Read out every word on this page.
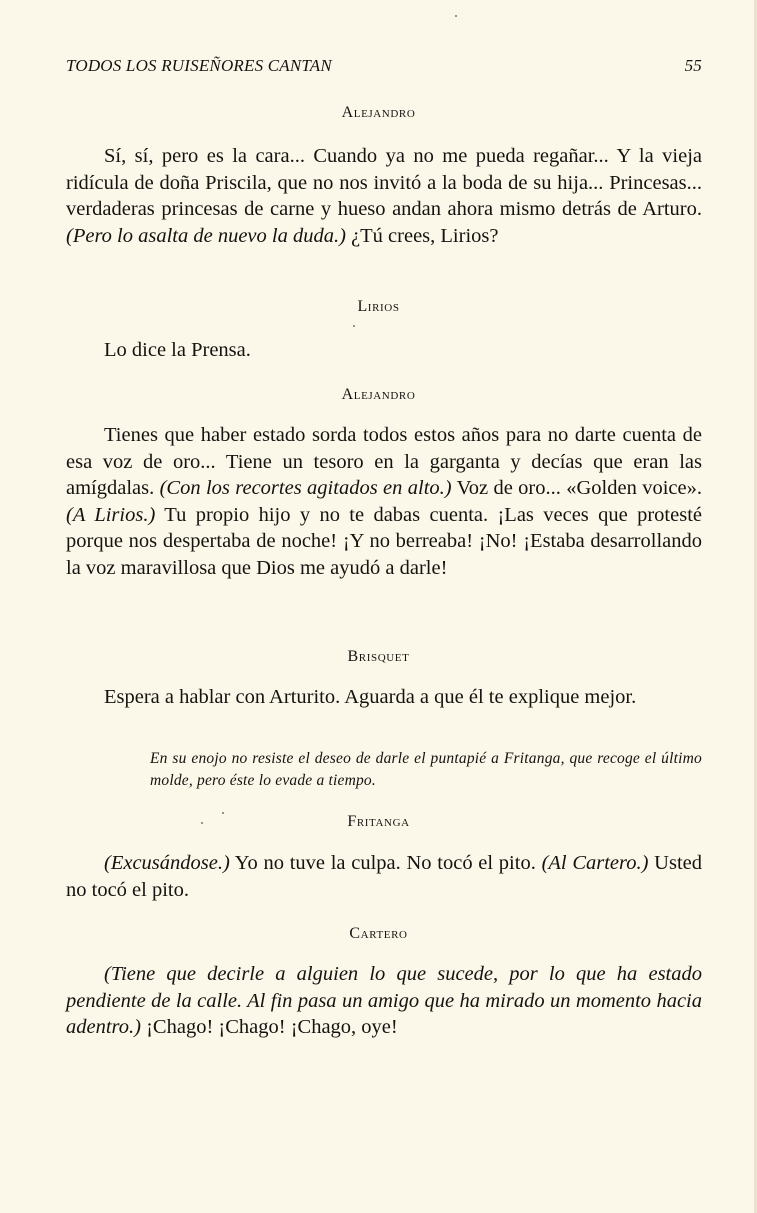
TODOS LOS RUISEÑORES CANTAN	55
Alejandro
Sí, sí, pero es la cara... Cuando ya no me pueda regañar... Y la vieja ridícula de doña Priscila, que no nos invitó a la boda de su hija... Princesas... verdaderas princesas de carne y hueso andan ahora mismo detrás de Arturo. (Pero lo asalta de nuevo la duda.) ¿Tú crees, Lirios?
Lirios
Lo dice la Prensa.
Alejandro
Tienes que haber estado sorda todos estos años para no darte cuenta de esa voz de oro... Tiene un tesoro en la garganta y decías que eran las amígdalas. (Con los recortes agitados en alto.) Voz de oro... «Golden voice». (A Lirios.) Tu propio hijo y no te dabas cuenta. ¡Las veces que protesté porque nos despertaba de noche! ¡Y no berreaba! ¡No! ¡Estaba desarrollando la voz maravillosa que Dios me ayudó a darle!
Brisquet
Espera a hablar con Arturito. Aguarda a que él te explique mejor.
En su enojo no resiste el deseo de darle el puntapié a Fritanga, que recoge el último molde, pero éste lo evade a tiempo.
Fritanga
(Excusándose.) Yo no tuve la culpa. No tocó el pito. (Al Cartero.) Usted no tocó el pito.
Cartero
(Tiene que decirle a alguien lo que sucede, por lo que ha estado pendiente de la calle. Al fin pasa un amigo que ha mirado un momento hacia adentro.) ¡Chago! ¡Chago! ¡Chago, oye!
